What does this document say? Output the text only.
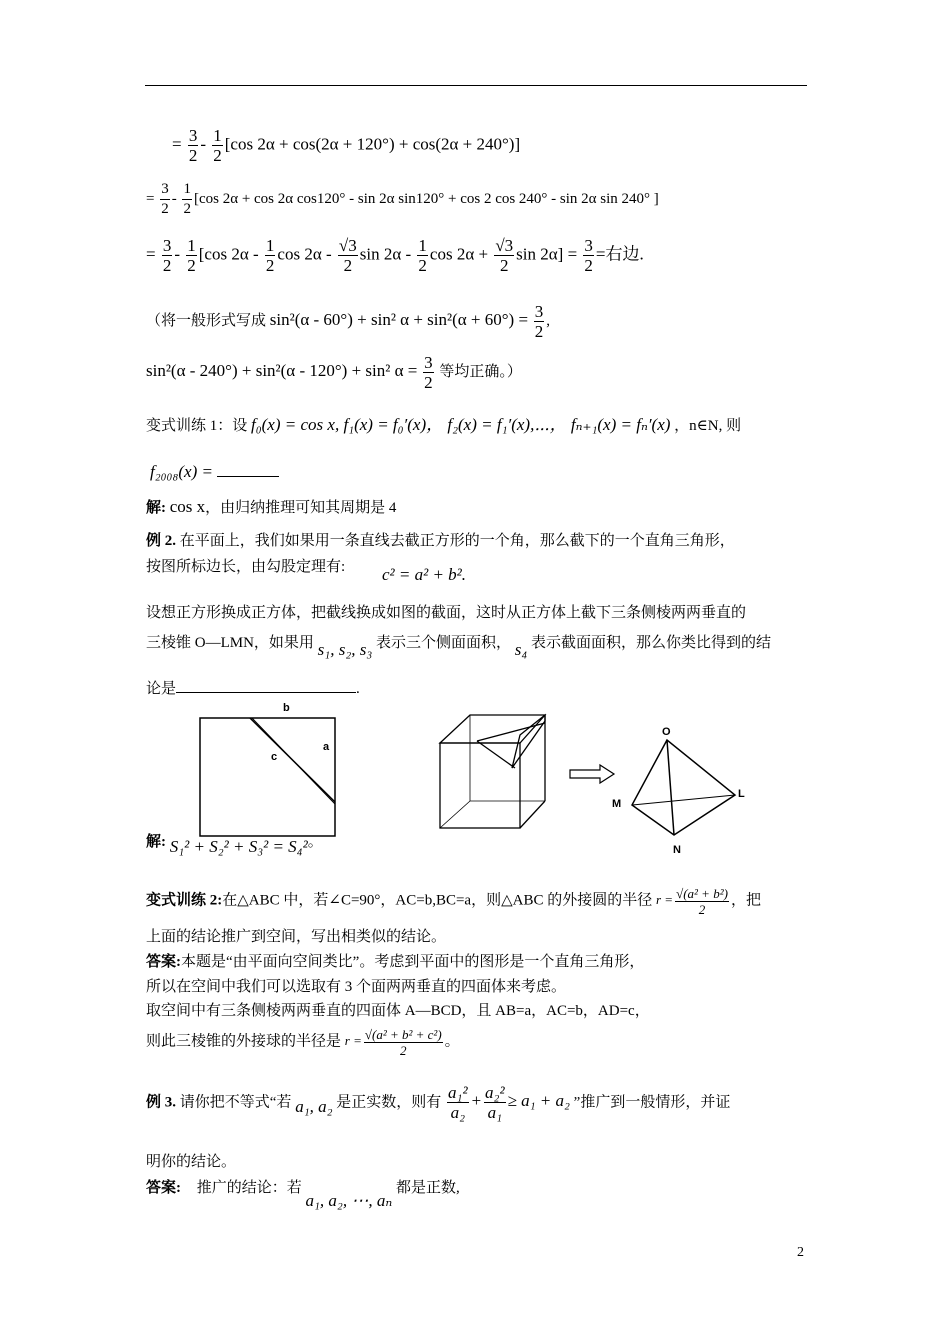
= $\frac{3}{2} - \frac{1}{2} [\cos$ 2α + cos(2α + 120°) + cos(2α + 240°)]
= $\frac{3}{2} - \frac{1}{2} [\cos$ 2α + cos 2α cos120° - sin 2α sin120° + cos 2 cos 240° - sin 2α sin 240° ]
= $\frac{3}{2} - \frac{1}{2} [\cos$ $2\alpha - \frac{1}{2}$ $\cos 2\alpha - \frac{√3}{2}$ $\sin 2\alpha - \frac{1}{2}$ $\cos 2\alpha + \frac{√3}{2}$ $\sin 2\alpha] = \frac{3}{2}$ =右边.
（将一般形式写成 sin²(α - 60°) + sin² $\alpha + \sin^2(\alpha + 60^\circ) = \frac{3}{2}$ ,
sin²(α - 240°) + sin²(α - 120°) + sin² $\alpha = \frac{3}{2}$ 等均正确。）
变式训练 1：设 f₀(x) = cos x, f₁(x) = f₀′(x)， f₂(x) = f₁′(x),⋯， fₙ₊₁(x) = fₙ′(x) ，n∈N, 则
f₂₀₀₈(x) =
解: cos x，由归纳推理可知其周期是 4
例 2. 在平面上，我们如果用一条直线去截正方形的一个角，那么截下的一个直角三角形，
按图所标边长，由勾股定理有: c² = a² + b².
设想正方形换成正方体，把截线换成如图的截面，这时从正方体上截下三条侧棱两两垂直的
三棱锥 O—LMN，如果用 s₁, s₂, s₃ 表示三个侧面面积， s₄ 表示截面面积，那么你类比得到的结
论是	.
b
a
c
O
M
L
N
解: S₁² + S₂² + S₃² = S₄²。
变式训练 2:在△ABC 中，若∠C=90°，AC=b,BC=a，则△ABC 的外接圆的半径 $r = \frac{\text{√(a² + b²)}}{2}$ ，把
上面的结论推广到空间，写出相类似的结论。
答案:本题是“由平面向空间类比”。考虑到平面中的图形是一个直角三角形，
所以在空间中我们可以选取有 3 个面两两垂直的四面体来考虑。
取空间中有三条侧棱两两垂直的四面体 A—BCD，且 AB=a，AC=b，AD=c，
则此三棱锥的外接球的半径是 $r = \frac{\text{√(a² + b² + c²)}}{2}$ 。
例 3. 请你把不等式“若 a₁, a₂ 是正实数，则有 $\frac{\text{a₁²}}{\text{a₂}} + \frac{\text{a₂²}}{\text{a₁}} \ge a_1 + a_2$ ”推广到一般情形，并证
明你的结论。
答案: 推广的结论：若 a₁, a₂, ⋯, aₙ 都是正数,
2
